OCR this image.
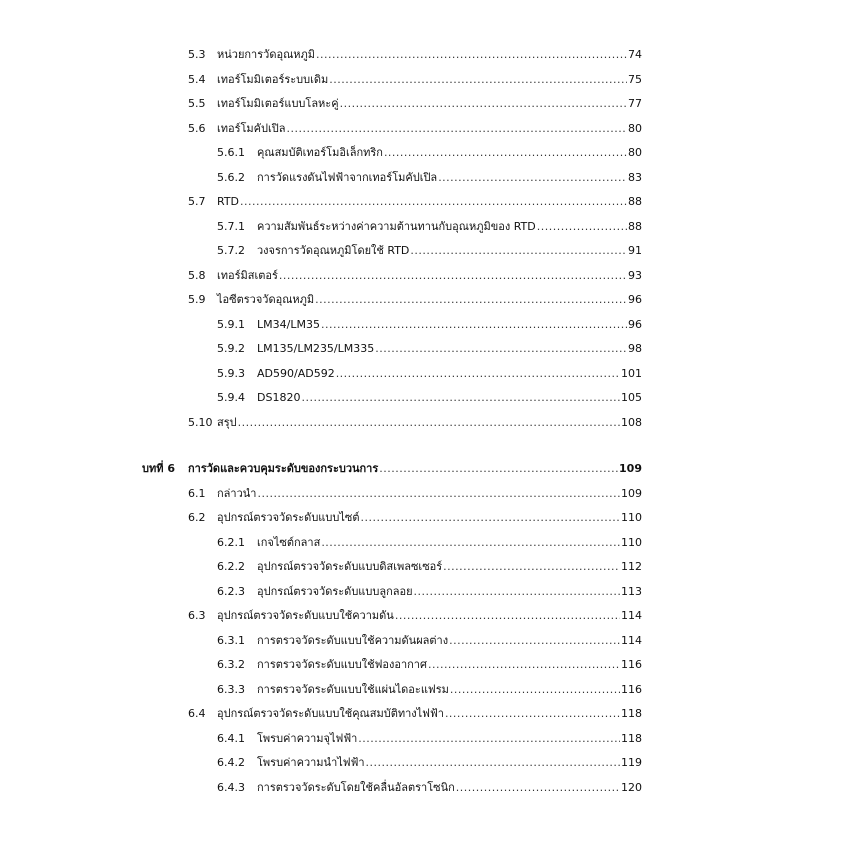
5.3 หน่วยการวัดอุณหภูมิ .....	74
5.4 เทอร์โมมิเตอร์ระบบเดิม .....	75
5.5 เทอร์โมมิเตอร์แบบโลหะคู่ .....	77
5.6 เทอร์โมคัปเปิล .....	80
5.6.1 คุณสมบัติเทอร์โมอิเล็กทริก .....	80
5.6.2 การวัดแรงดันไฟฟ้าจากเทอร์โมคัปเปิล .....	83
5.7 RTD .....	88
5.7.1 ความสัมพันธ์ระหว่างค่าความต้านทานกับอุณหภูมิของ RTD .....	88
5.7.2 วงจรการวัดอุณหภูมิโดยใช้ RTD .....	91
5.8 เทอร์มิสเตอร์ .....	93
5.9 ไอซีตรวจวัดอุณหภูมิ .....	96
5.9.1 LM34/LM35 .....	96
5.9.2 LM135/LM235/LM335 .....	98
5.9.3 AD590/AD592 .....	101
5.9.4 DS1820 .....	105
5.10 สรุป .....	108
บทที่ 6 การวัดและควบคุมระดับของกระบวนการ .....	109
6.1 กล่าวนำ .....	109
6.2 อุปกรณ์ตรวจวัดระดับแบบไซต์ .....	110
6.2.1 เกจไซต์กลาส .....	110
6.2.2 อุปกรณ์ตรวจวัดระดับแบบดิสเพลซเซอร์ .....	112
6.2.3 อุปกรณ์ตรวจวัดระดับแบบลูกลอย .....	113
6.3 อุปกรณ์ตรวจวัดระดับแบบใช้ความดัน .....	114
6.3.1 การตรวจวัดระดับแบบใช้ความดันผลต่าง .....	114
6.3.2 การตรวจวัดระดับแบบใช้ฟองอากาศ .....	116
6.3.3 การตรวจวัดระดับแบบใช้แผ่นไดอะแฟรม .....	116
6.4 อุปกรณ์ตรวจวัดระดับแบบใช้คุณสมบัติทางไฟฟ้า .....	118
6.4.1 โพรบค่าความจุไฟฟ้า .....	118
6.4.2 โพรบค่าความนำไฟฟ้า .....	119
6.4.3 การตรวจวัดระดับโดยใช้คลื่นอัลตราโซนิก .....	120
